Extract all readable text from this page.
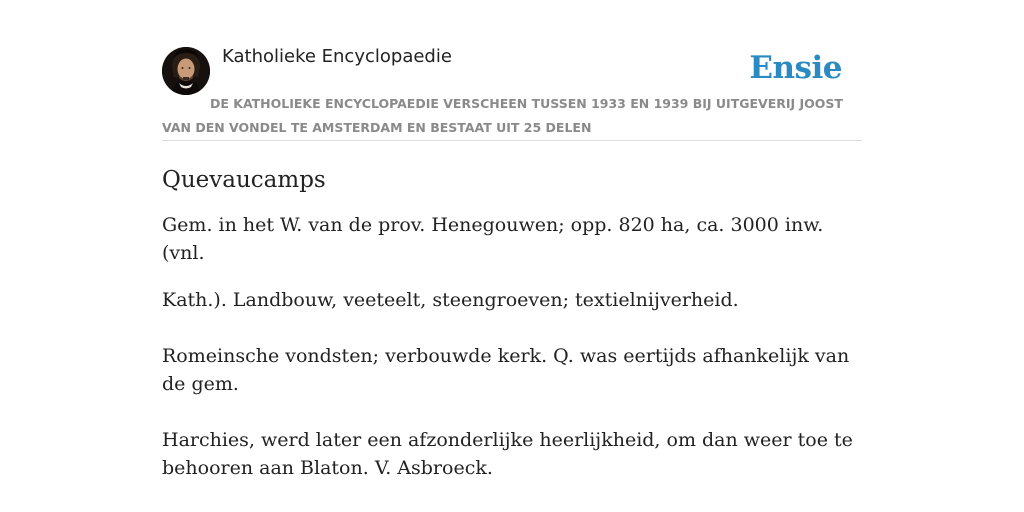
Katholieke Encyclopaedie	Ensie
DE KATHOLIEKE ENCYCLOPAEDIE VERSCHEEN TUSSEN 1933 EN 1939 BIJ UITGEVERIJ JOOST VAN DEN VONDEL TE AMSTERDAM EN BESTAAT UIT 25 DELEN
Quevaucamps

Gem. in het W. van de prov. Henegouwen; opp. 820 ha, ca. 3000 inw. (vnl.

Kath.). Landbouw, veeteelt, steengroeven; textielnijverheid.

Romeinsche vondsten; verbouwde kerk. Q. was eertijds afhankelijk van de gem.

Harchies, werd later een afzonderlijke heerlijkheid, om dan weer toe te behooren aan Blaton. V. Asbroeck.
